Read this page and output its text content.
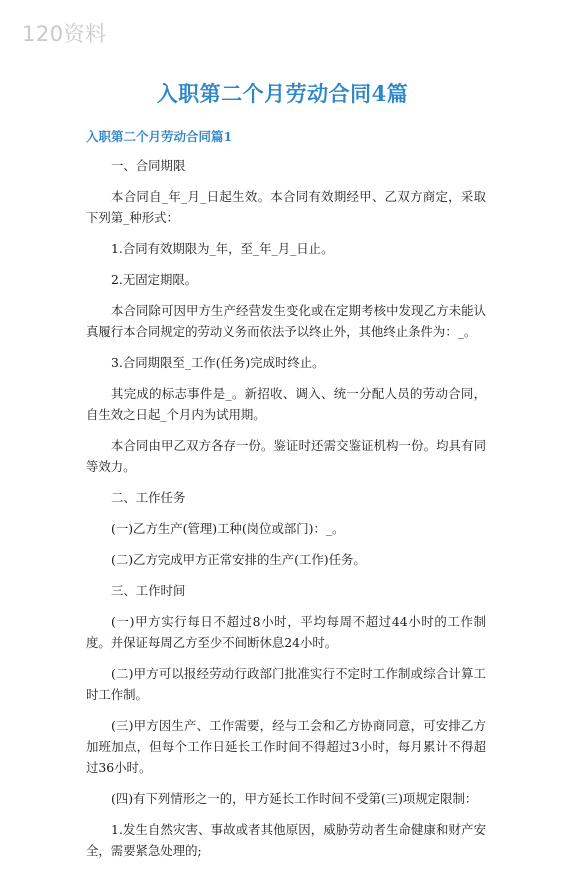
120资料
入职第二个月劳动合同4篇
入职第二个月劳动合同篇1

一、合同期限

本合同自_年_月_日起生效。本合同有效期经甲、乙双方商定，采取下列第_种形式：

1.合同有效期限为_年，至_年_月_日止。

2.无固定期限。

本合同除可因甲方生产经营发生变化或在定期考核中发现乙方未能认真履行本合同规定的劳动义务而依法予以终止外，其他终止条件为：_。

3.合同期限至_工作(任务)完成时终止。

其完成的标志事件是_。新招收、调入、统一分配人员的劳动合同，自生效之日起_个月内为试用期。

本合同由甲乙双方各存一份。鉴证时还需交鉴证机构一份。均具有同等效力。

二、工作任务

(一)乙方生产(管理)工种(岗位或部门)：_。

(二)乙方完成甲方正常安排的生产(工作)任务。

三、工作时间

(一)甲方实行每日不超过8小时，平均每周不超过44小时的工作制度。并保证每周乙方至少不间断休息24小时。

(二)甲方可以报经劳动行政部门批准实行不定时工作制或综合计算工时工作制。

(三)甲方因生产、工作需要，经与工会和乙方协商同意，可安排乙方加班加点，但每个工作日延长工作时间不得超过3小时，每月累计不得超过36小时。

(四)有下列情形之一的，甲方延长工作时间不受第(三)项规定限制：

1.发生自然灾害、事故或者其他原因，威胁劳动者生命健康和财产安全，需要紧急处理的;
